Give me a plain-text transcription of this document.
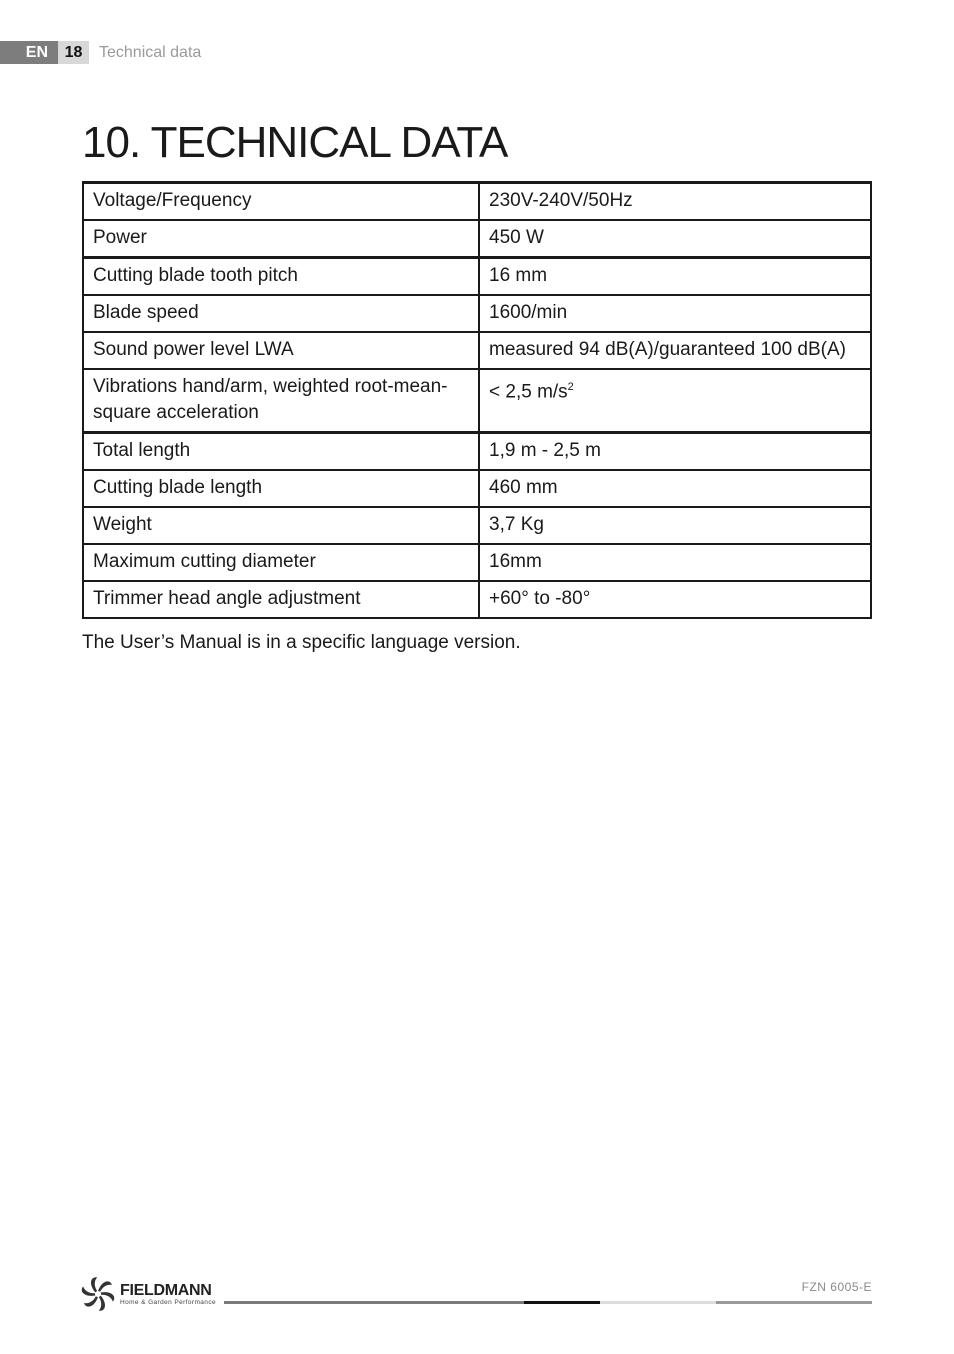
EN	18	Technical data
10. TECHNICAL DATA
Voltage/Frequency	230V-240V/50Hz
Power	450 W
Cutting blade tooth pitch	16 mm
Blade speed	1600/min
Sound power level LWA	measured 94 dB(A)/guaranteed 100 dB(A)
Vibrations hand/arm, weighted root-mean-square acceleration	< 2,5 $m/s^2$
Total length	1,9 m - 2,5 m
Cutting blade length	460 mm
Weight	3,7 Kg
Maximum cutting diameter	16mm
Trimmer head angle adjustment	+60° to -80°

The User’s Manual is in a specific language version.

FIELDMANN
Home & Garden Performance
FZN 6005-E
